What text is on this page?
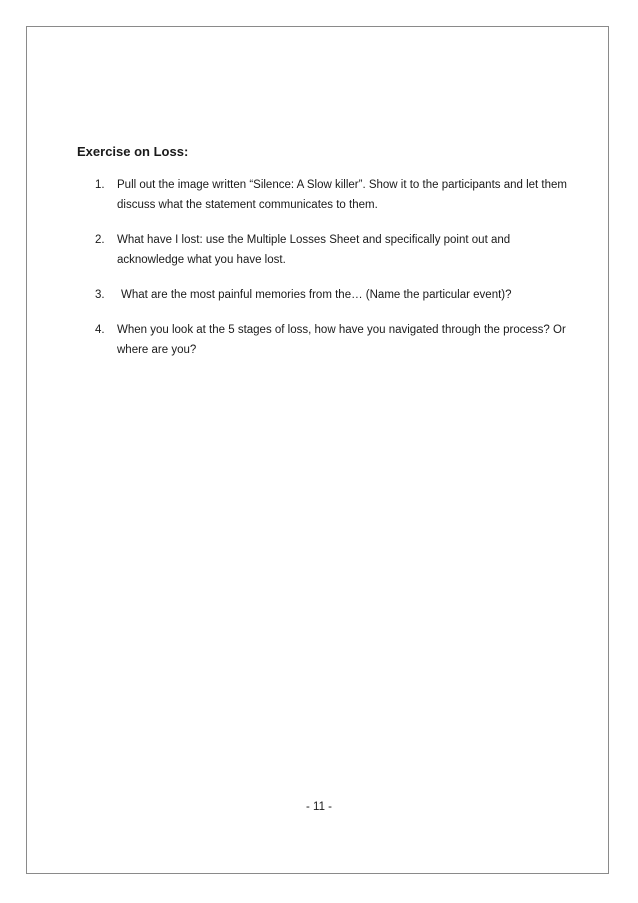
Exercise on Loss:
1. Pull out the image written “Silence: A Slow killer”. Show it to the participants and let them discuss what the statement communicates to them.
2. What have I lost: use the Multiple Losses Sheet and specifically point out and acknowledge what you have lost.
3. What are the most painful memories from the… (Name the particular event)?
4. When you look at the 5 stages of loss, how have you navigated through the process? Or where are you?
- 11 -
